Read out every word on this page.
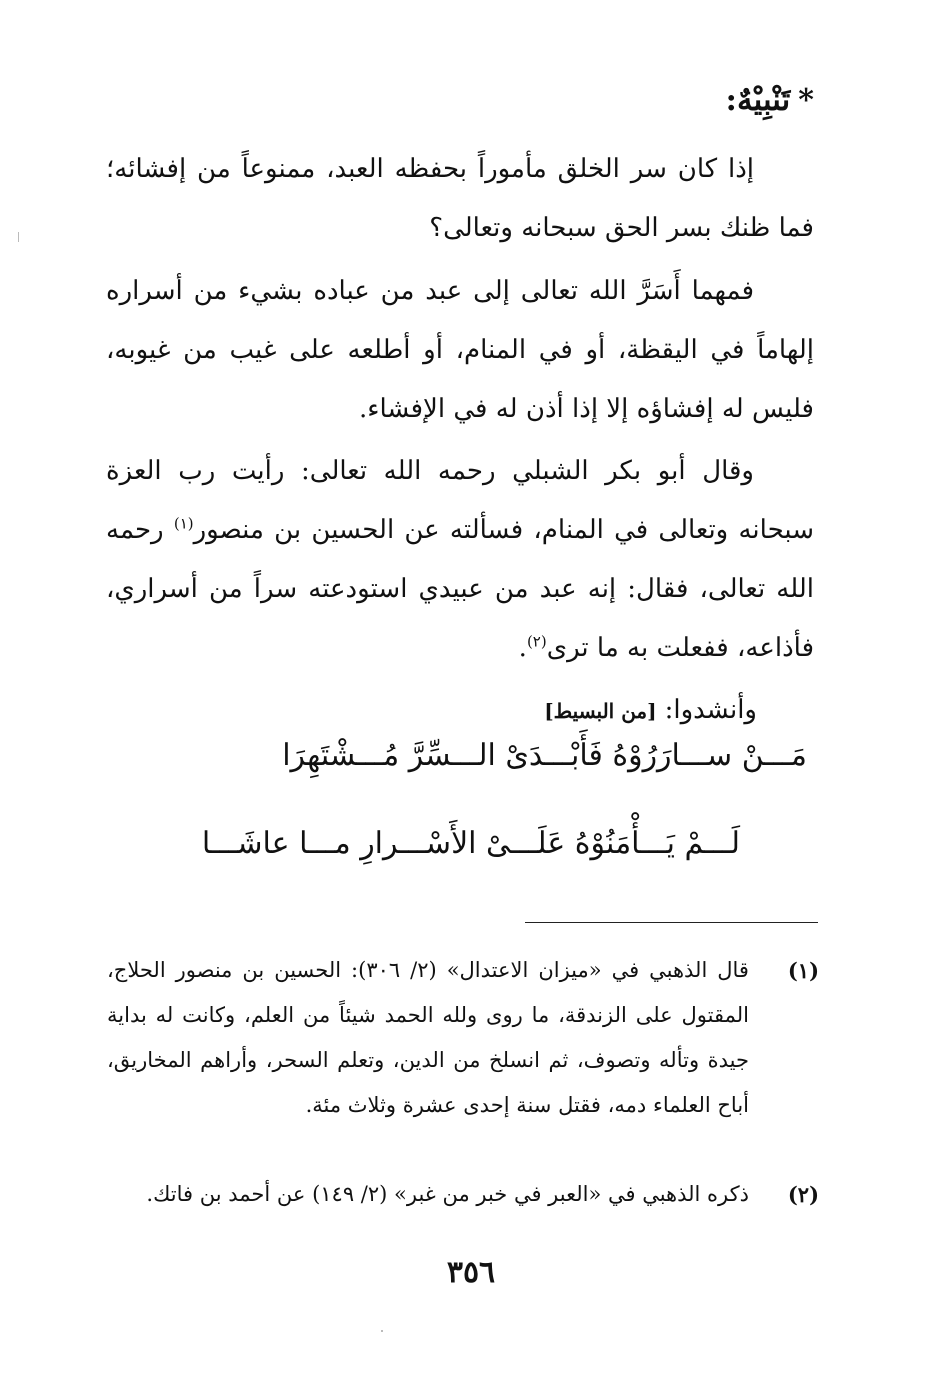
*تَنْبِيْهٌ:
إذا كان سر الخلق مأموراً بحفظه العبد، ممنوعاً من إفشائه؛ فما ظنك بسر الحق سبحانه وتعالى؟
فمهما أَسَرَّ الله تعالى إلى عبد من عباده بشيء من أسراره إلهاماً في اليقظة، أو في المنام، أو أطلعه على غيب من غيوبه، فليس له إفشاؤه إلا إذا أذن له في الإفشاء.
وقال أبو بكر الشبلي رحمه الله تعالى: رأيت رب العزة سبحانه وتعالى في المنام، فسألته عن الحسين بن منصور$^{(١)}$ رحمه الله تعالى، فقال: إنه عبد من عبيدي استودعته سراً من أسراري، فأذاعه، ففعلت به ما ترى$^{(٢)}$.
وأنشدوا:[من البسيط]
مَـــنْ ســـارَرُوْهُ فَأَبْـــدَىْ الـــسِّرَّ مُـــشْتَهِرَا
لَـــمْ يَـــأْمَنُوْهُ عَلَـــىْ الأَسْـــرارِ مـــا عاشَـــا
(١)
قال الذهبي في «ميزان الاعتدال» (٢/ ٣٠٦): الحسين بن منصور الحلاج، المقتول على الزندقة، ما روى ولله الحمد شيئاً من العلم، وكانت له بداية جيدة وتأله وتصوف، ثم انسلخ من الدين، وتعلم السحر، وأراهم المخاريق، أباح العلماء دمه، فقتل سنة إحدى عشرة وثلاث مئة.
(٢)
ذكره الذهبي في «العبر في خبر من غبر» (٢/ ١٤٩) عن أحمد بن فاتك.
٣٥٦
